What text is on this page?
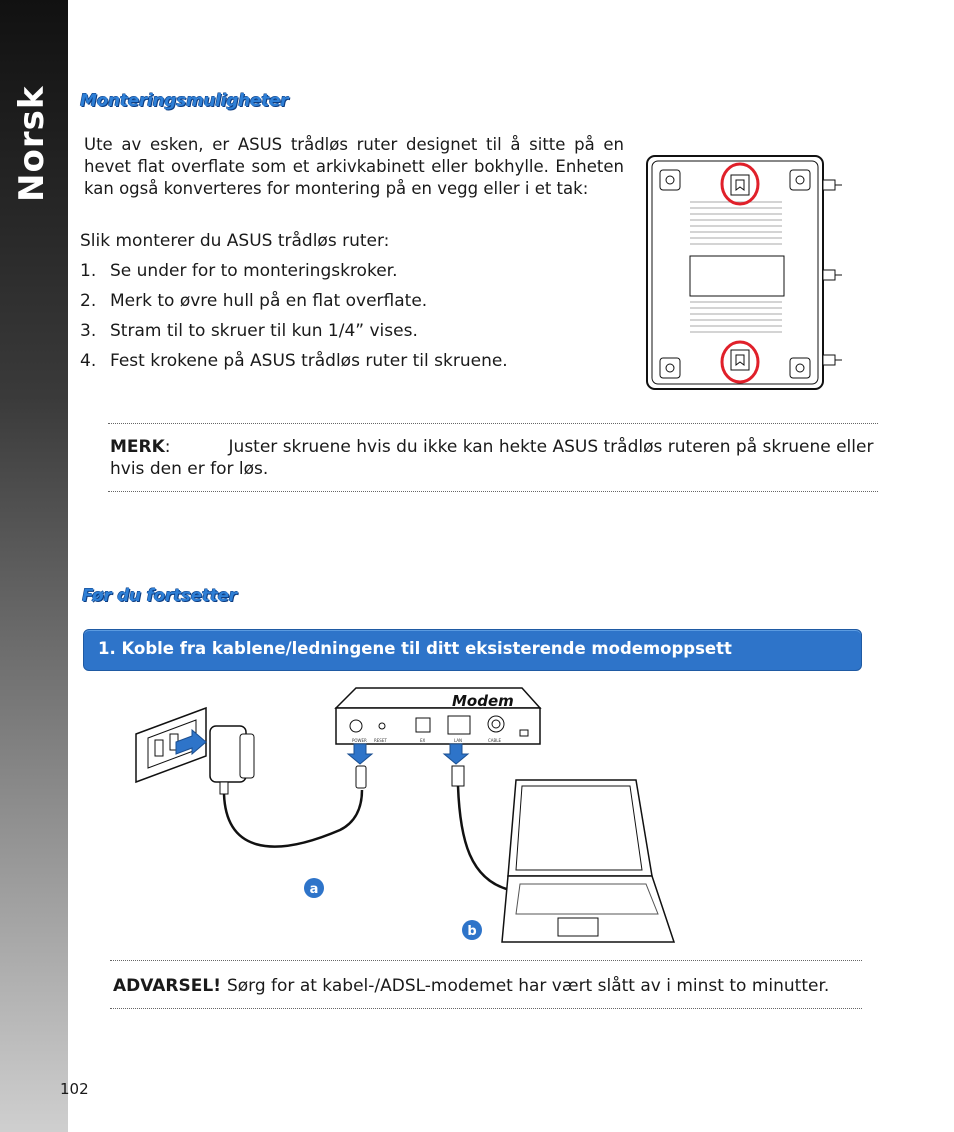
Norsk Monteringsmuligheter
Ute av esken, er ASUS trådløs ruter designet til å sitte på en hevet flat overflate som et arkivkabinett eller bokhylle. Enheten kan også konverteres for montering på en vegg eller i et tak:
Slik monterer du ASUS trådløs ruter:
1. Se under for to monteringskroker.
2. Merk to øvre hull på en flat overflate.
3. Stram til to skruer til kun 1/4” vises.
4. Fest krokene på ASUS trådløs ruter til skruene.
MERK:	Juster skruene hvis du ikke kan hekte ASUS trådløs ruteren på skruene eller hvis den er for løs.
Før du fortsetter
1. Koble fra kablene/ledningene til ditt eksisterende modemoppsett
Modem
POWER RESET	EX	LAN	CABLE
a
b
ADVARSEL! Sørg for at kabel-/ADSL-modemet har vært slått av i minst to minutter.
102
